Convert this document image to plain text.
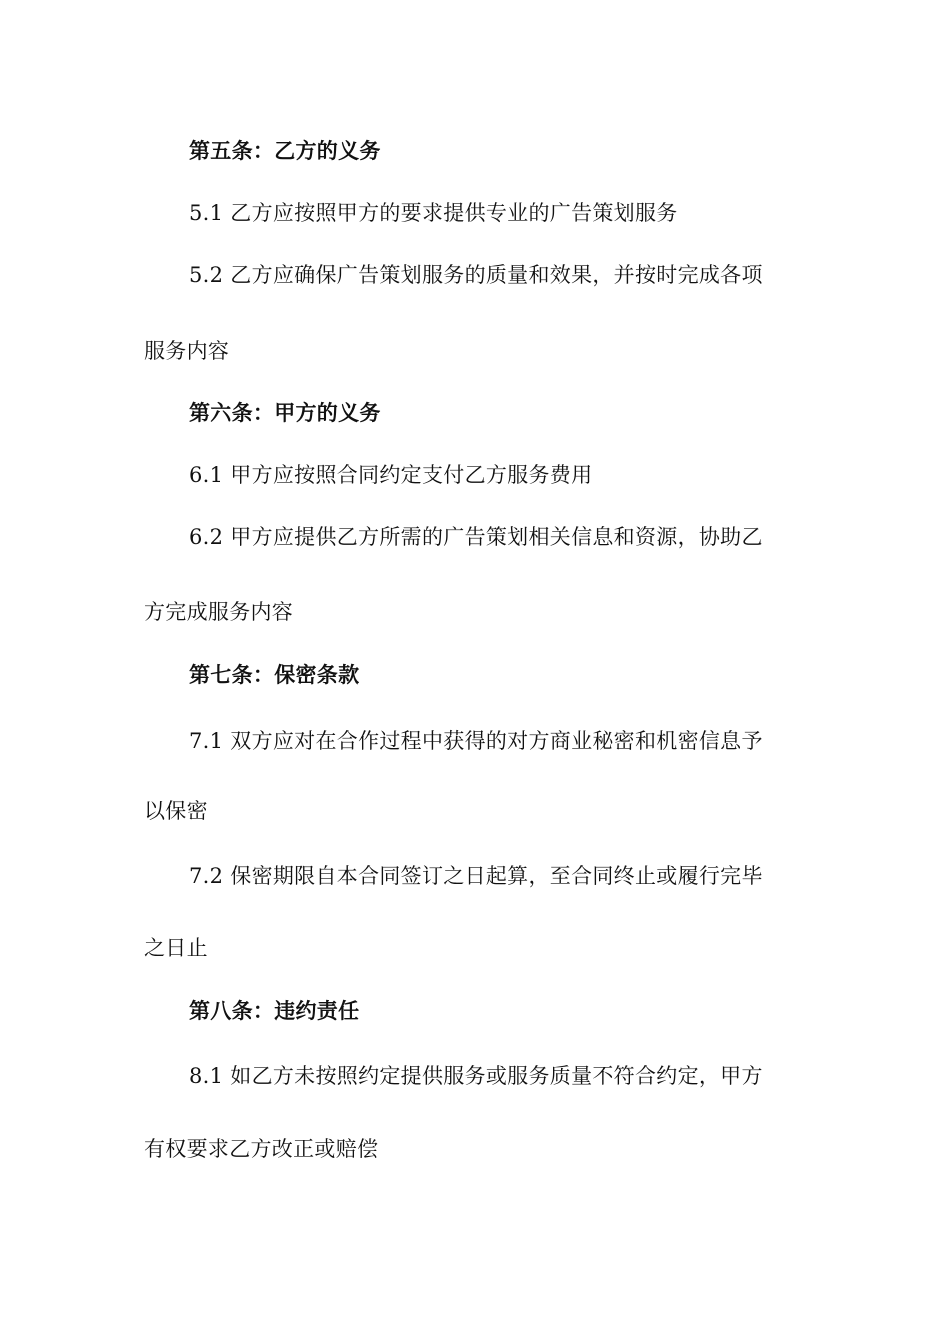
第五条：乙方的义务
5.1 乙方应按照甲方的要求提供专业的广告策划服务
5.2 乙方应确保广告策划服务的质量和效果，并按时完成各项
服务内容
第六条：甲方的义务
6.1 甲方应按照合同约定支付乙方服务费用
6.2 甲方应提供乙方所需的广告策划相关信息和资源，协助乙
方完成服务内容
第七条：保密条款
7.1 双方应对在合作过程中获得的对方商业秘密和机密信息予
以保密
7.2 保密期限自本合同签订之日起算，至合同终止或履行完毕
之日止
第八条：违约责任
8.1 如乙方未按照约定提供服务或服务质量不符合约定，甲方
有权要求乙方改正或赔偿
